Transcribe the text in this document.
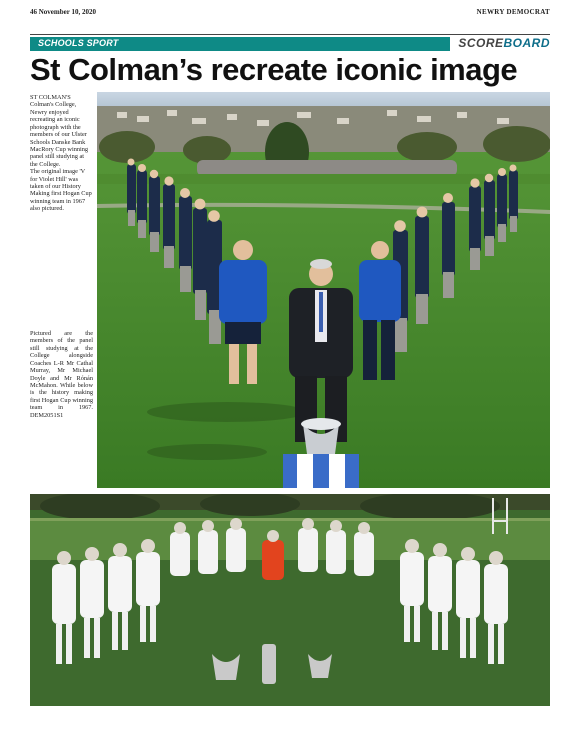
46 November 10, 2020	NEWRY DEMOCRAT
SCHOOLS SPORT	SCOREBOARD
St Colman’s recreate iconic image

ST COLMAN'S Colman's College, Newry enjoyed recreating an iconic photograph with the members of our Ulster Schools Danske Bank MacRory Cup winning panel still studying at the College.

The original image 'V for Violet Hill' was taken of our History Making first Hogan Cup winning team in 1967 also pictured.

Pictured are the members of the panel still studying at the College alongside Coaches L-R Mr Cathal Murray, Mr Michael Doyle and Mr Rónán McMahon. While below is the history making first Hogan Cup winning team in 1967. DEM2051S1
